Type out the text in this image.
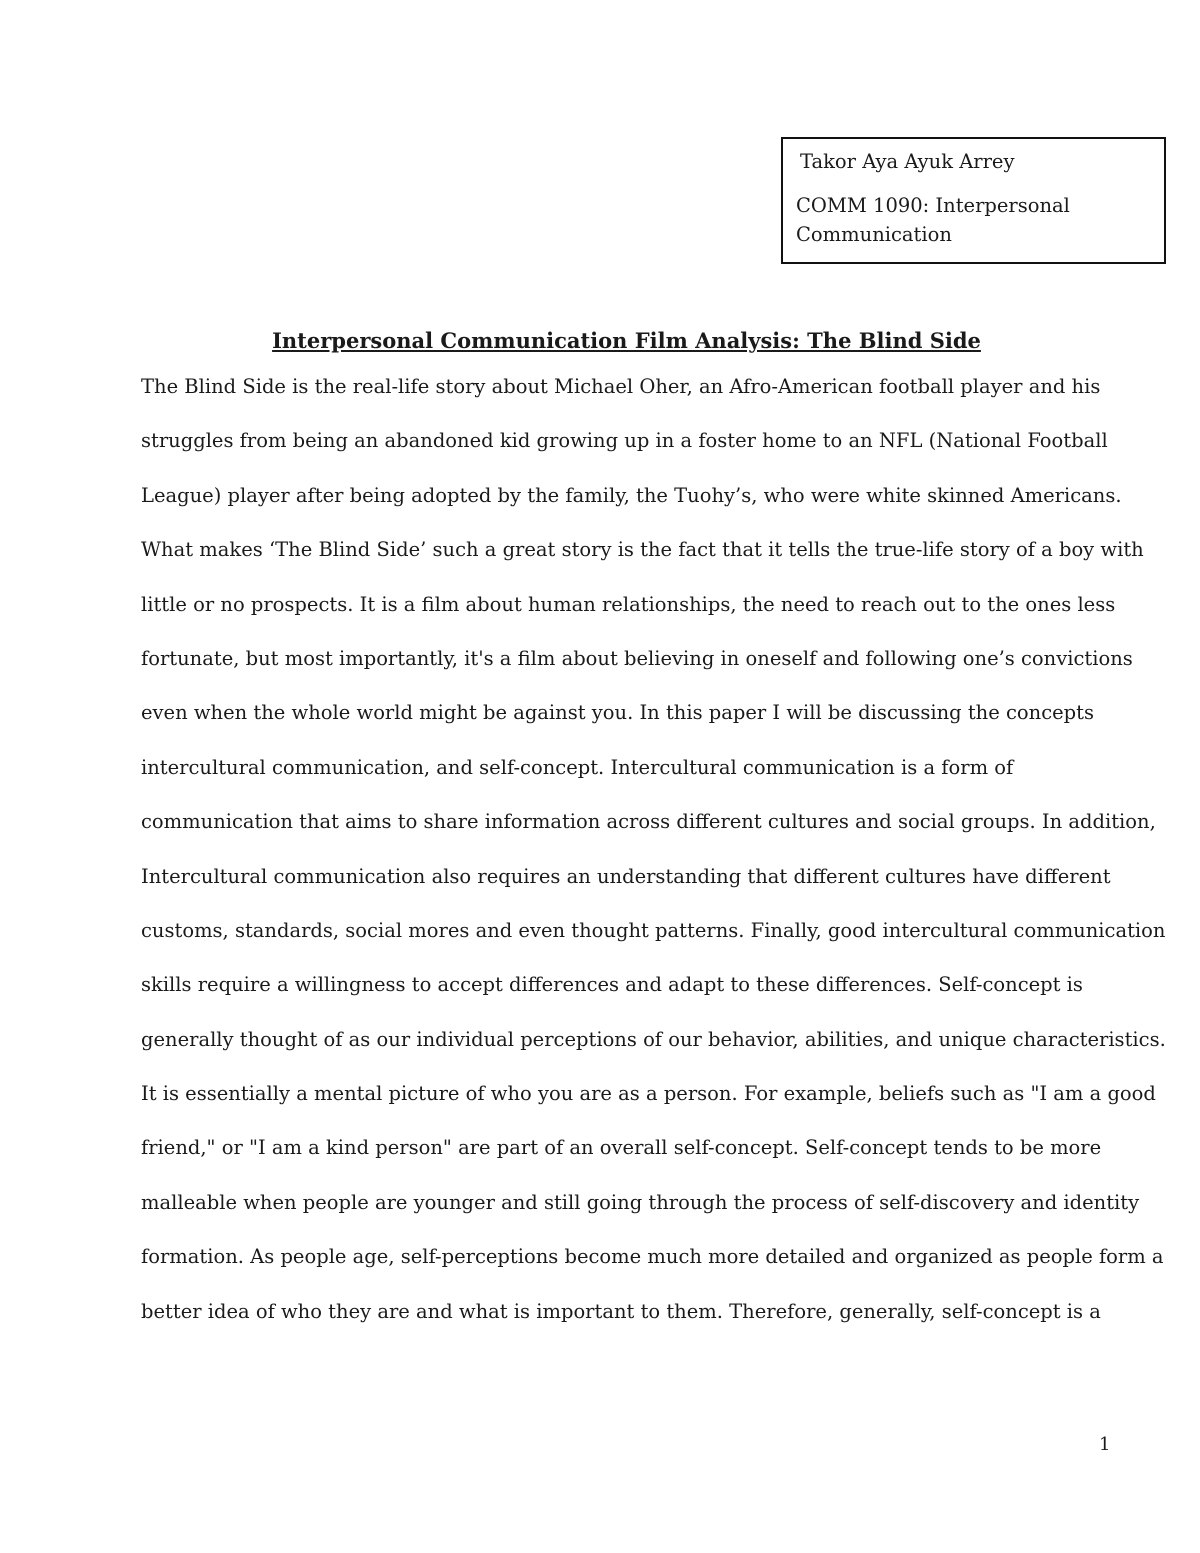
Takor Aya Ayuk Arrey
COMM 1090: Interpersonal Communication
Interpersonal Communication Film Analysis: The Blind Side
The Blind Side is the real-life story about Michael Oher, an Afro-American football player and his
struggles from being an abandoned kid growing up in a foster home to an NFL (National Football
League) player after being adopted by the family, the Tuohy’s, who were white skinned Americans.
What makes ‘The Blind Side’ such a great story is the fact that it tells the true-life story of a boy with
little or no prospects. It is a film about human relationships, the need to reach out to the ones less
fortunate, but most importantly, it's a film about believing in oneself and following one’s convictions
even when the whole world might be against you. In this paper I will be discussing the concepts
intercultural communication, and self-concept. Intercultural communication is a form of
communication that aims to share information across different cultures and social groups. In addition,
Intercultural communication also requires an understanding that different cultures have different
customs, standards, social mores and even thought patterns. Finally, good intercultural communication
skills require a willingness to accept differences and adapt to these differences. Self-concept is
generally thought of as our individual perceptions of our behavior, abilities, and unique characteristics.
It is essentially a mental picture of who you are as a person. For example, beliefs such as "I am a good
friend," or "I am a kind person" are part of an overall self-concept. Self-concept tends to be more
malleable when people are younger and still going through the process of self-discovery and identity
formation. As people age, self-perceptions become much more detailed and organized as people form a
better idea of who they are and what is important to them. Therefore, generally, self-concept is a
1
